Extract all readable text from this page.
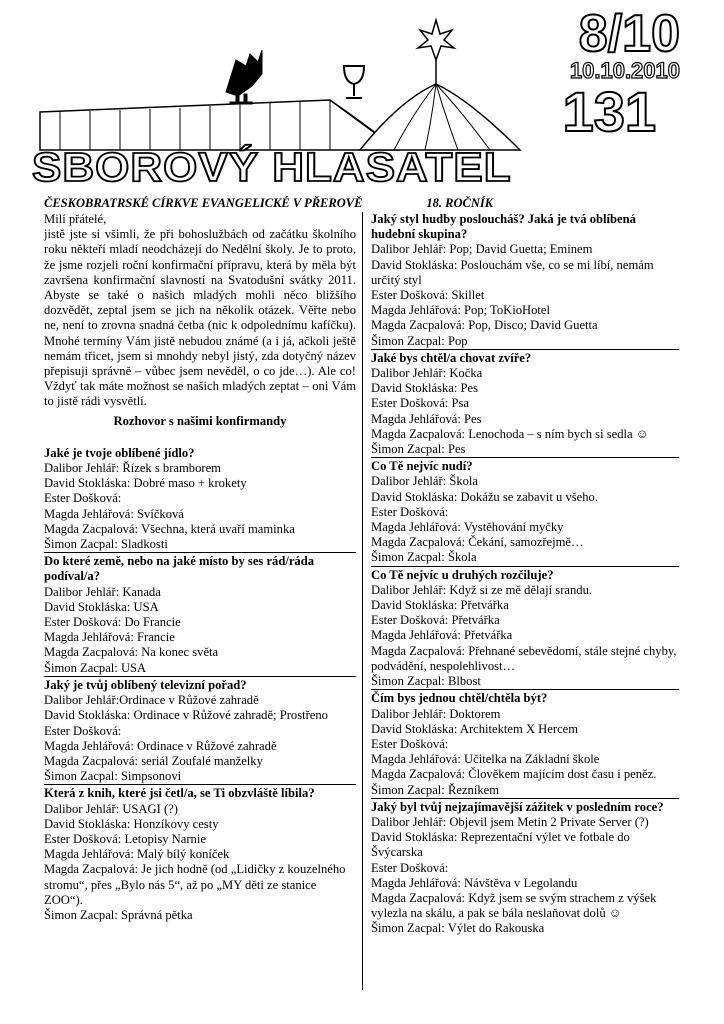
8/10
10.10.2010
131
SBOROVÝ HLASATEL
ČESKOBRATRSKÉ CÍRKVE EVANGELICKÉ V PŘEROVĚ	18. ROČNÍK

Milí přátelé,
jistě jste si všimli, že při bohoslužbách od začátku školního roku někteří mladí neodcházejí do Nedělní školy. Je to proto, že jsme rozjeli roční konfirmační přípravu, která by měla být završena konfirmační slavností na Svatodušní svátky 2011. Abyste se také o našich mladých mohli něco bližšího dozvědět, zeptal jsem se jich na několik otázek. Věřte nebo ne, není to zrovna snadná četba (nic k odpolednímu kafíčku). Mnohé termíny Vám jistě nebudou známé (a i já, ačkoli ještě nemám třicet, jsem si mnohdy nebyl jistý, zda dotyčný název přepisuji správně – vůbec jsem nevěděl, o co jde…). Ale co! Vždyť tak máte možnost se našich mladých zeptat – oni Vám to jistě rádi vysvětlí.

Rozhovor s našimi konfirmandy
Jaké je tvoje oblíbené jídlo?
Dalibor Jehlář: Řízek s bramborem
David Stokláska: Dobré maso + krokety
Ester Došková:
Magda Jehlářová: Svíčková
Magda Zacpalová: Všechna, která uvaří maminka
Šimon Zacpal: Sladkosti
Do které země, nebo na jaké místo by ses rád/ráda podíval/a?
Dalibor Jehlář: Kanada
David Stokláska: USA
Ester Došková: Do Francie
Magda Jehlářová: Francie
Magda Zacpalová: Na konec světa
Šimon Zacpal: USA
Jaký je tvůj oblíbený televizní pořad?
Dalibor Jehlář:Ordinace v Růžové zahradě
David Stokláska: Ordinace v Růžové zahradě; Prostřeno
Ester Došková:
Magda Jehlářová: Ordinace v Růžové zahradě
Magda Zacpalová: seriál Zoufalé manželky
Šimon Zacpal: Simpsonovi
Která z knih, které jsi četl/a, se Ti obzvláště líbila?
Dalibor Jehlář: USAGI (?)
David Stokláska: Honzíkovy cesty
Ester Došková: Letopisy Narnie
Magda Jehlářová: Malý bílý koníček
Magda Zacpalová: Je jich hodně (od „Lidičky z kouzelného stromu“, přes „Bylo nás 5“, až po „MY děti ze stanice ZOO“).
Šimon Zacpal: Správná pětka
Jaký styl hudby posloucháš? Jaká je tvá oblíbená hudební skupina?
Dalibor Jehlář: Pop; David Guetta; Eminem
David Stokláska: Poslouchám vše, co se mi líbí, nemám určitý styl
Ester Došková: Skillet
Magda Jehlářová: Pop; ToKioHotel
Magda Zacpalová: Pop, Disco; David Guetta
Šimon Zacpal: Pop
Jaké bys chtěl/a chovat zvíře?
Dalibor Jehlář: Kočka
David Stokláska: Pes
Ester Došková: Psa
Magda Jehlářová: Pes
Magda Zacpalová: Lenochoda – s ním bych si sedla ☺
Šimon Zacpal: Pes
Co Tě nejvíc nudí?
Dalibor Jehlář: Škola
David Stokláska: Dokážu se zabavit u všeho.
Ester Došková:
Magda Jehlářová: Vystěhování myčky
Magda Zacpalová: Čekání, samozřejmě…
Šimon Zacpal: Škola
Co Tě nejvíc u druhých rozčiluje?
Dalibor Jehlář: Když si ze mě dělají srandu.
David Stokláska: Přetvářka
Ester Došková: Přetvářka
Magda Jehlářová: Přetvářka
Magda Zacpalová: Přehnané sebevědomí, stále stejné chyby, podvádění, nespolehlivost…
Šimon Zacpal: Blbost
Čím bys jednou chtěl/chtěla být?
Dalibor Jehlář: Doktorem
David Stokláska: Architektem X Hercem
Ester Došková:
Magda Jehlářová: Učitelka na Základní škole
Magda Zacpalová: Člověkem majícím dost času i peněz.
Šimon Zacpal: Řezníkem
Jaký byl tvůj nejzajímavější zážitek v posledním roce?
Dalibor Jehlář: Objevil jsem Metin 2 Private Server (?)
David Stokláska: Reprezentační výlet ve fotbale do Švýcarska
Ester Došková:
Magda Jehlářová: Návštěva v Legolandu
Magda Zacpalová: Když jsem se svým strachem z výšek vylezla na skálu, a pak se bála neslaňovat dolů ☺
Šimon Zacpal: Výlet do Rakouska
